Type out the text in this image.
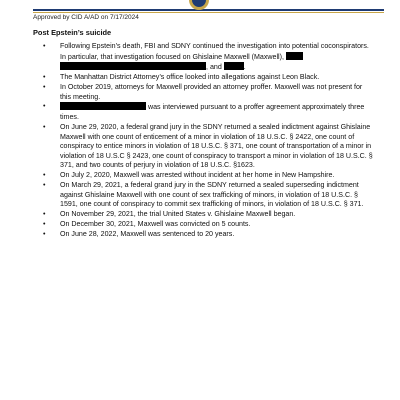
Approved by CID A/AD on 7/17/2024
Post Epstein’s suicide
• Following Epstein’s death, FBI and SDNY continued the investigation into potential coconspirators. In particular, that investigation focused on Ghislaine Maxwell (Maxwell),  , and	.
• The Manhattan District Attorney’s office looked into allegations against Leon Black.
• In October 2019, attorneys for Maxwell provided an attorney proffer. Maxwell was not present for this meeting.
•	was interviewed pursuant to a proffer agreement approximately three times.
• On June 29, 2020, a federal grand jury in the SDNY returned a sealed indictment against Ghislaine Maxwell with one count of enticement of a minor in violation of 18 U.S.C. § 2422, one count of conspiracy to entice minors in violation of 18 U.S.C. § 371, one count of transportation of a minor in violation of 18 U.S.C § 2423, one count of conspiracy to transport a minor in violation of 18 U.S.C. § 371, and two counts of perjury in violation of 18 U.S.C. §1623.
• On July 2, 2020, Maxwell was arrested without incident at her home in New Hampshire.
• On March 29, 2021, a federal grand jury in the SDNY returned a sealed superseding indictment against Ghislaine Maxwell with one count of sex trafficking of minors, in violation of 18 U.S.C. § 1591, one count of conspiracy to commit sex trafficking of minors, in violation of 18 U.S.C. § 371.
• On November 29, 2021, the trial United States v. Ghislaine Maxwell began.
• On December 30, 2021, Maxwell was convicted on 5 counts.
• On June 28, 2022, Maxwell was sentenced to 20 years.
